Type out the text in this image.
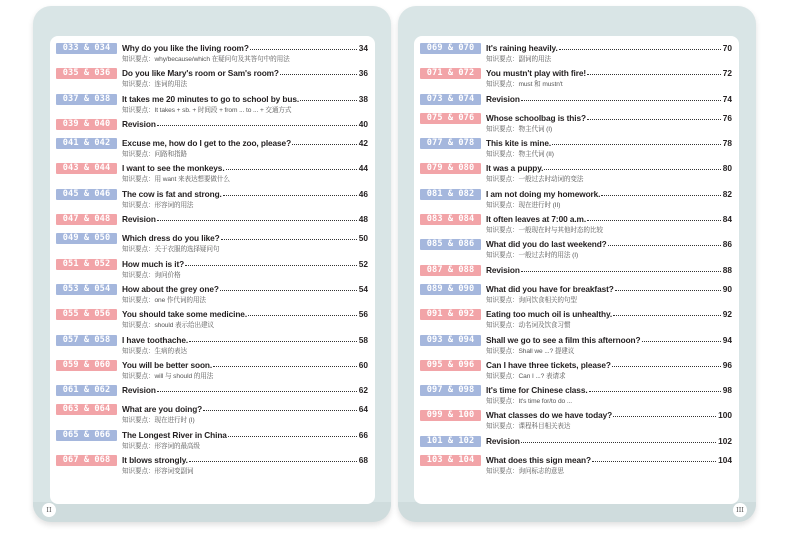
033 & 034	Why do you like the living room?	34
知识要点：why/because/which 在疑问句及其答句中的用法
035 & 036	Do you like Mary's room or Sam's room?	36
知识要点：连词的用法
037 & 038	It takes me 20 minutes to go to school by bus.	38
知识要点：It takes + sb. + 时间段 + from ... to ... + 交通方式
039 & 040	Revision	40
041 & 042	Excuse me, how do I get to the zoo, please?	42
知识要点：问路和指路
043 & 044	I want to see the monkeys.	44
知识要点：用 want 来表达想要做什么
045 & 046	The cow is fat and strong.	46
知识要点：形容词的用法
047 & 048	Revision	48
049 & 050	Which dress do you like?	50
知识要点：关于衣服的选择疑问句
051 & 052	How much is it?	52
知识要点：询问价格
053 & 054	How about the grey one?	54
知识要点：one 作代词的用法
055 & 056	You should take some medicine.	56
知识要点：should 表示给出建议
057 & 058	I have toothache.	58
知识要点：生病的表达
059 & 060	You will be better soon.	60
知识要点：will 与 should 的用法
061 & 062	Revision	62
063 & 064	What are you doing?	64
知识要点：现在进行时 (I)
065 & 066	The Longest River in China	66
知识要点：形容词的最高级
067 & 068	It blows strongly.	68
知识要点：形容词变副词
II
069 & 070	It's raining heavily.	70
知识要点：副词的用法
071 & 072	You mustn't play with fire!	72
知识要点：must 和 mustn't
073 & 074	Revision	74
075 & 076	Whose schoolbag is this?	76
知识要点：物主代词 (I)
077 & 078	This kite is mine.	78
知识要点：物主代词 (II)
079 & 080	It was a puppy.	80
知识要点：一般过去时动词的变法
081 & 082	I am not doing my homework.	82
知识要点：现在进行时 (II)
083 & 084	It often leaves at 7:00 a.m.	84
知识要点：一般现在时与其他时态的比较
085 & 086	What did you do last weekend?	86
知识要点：一般过去时的用法 (I)
087 & 088	Revision	88
089 & 090	What did you have for breakfast?	90
知识要点：询问饮食相关的句型
091 & 092	Eating too much oil is unhealthy.	92
知识要点：动名词及饮食习惯
093 & 094	Shall we go to see a film this afternoon?	94
知识要点：Shall we ...? 提建议
095 & 096	Can I have three tickets, please?	96
知识要点：Can I ...? 表请求
097 & 098	It's time for Chinese class.	98
知识要点：It's time for/to do ...
099 & 100	What classes do we have today?	100
知识要点：课程科目相关表达
101 & 102	Revision	102
103 & 104	What does this sign mean?	104
知识要点：询问标志的意思
III
